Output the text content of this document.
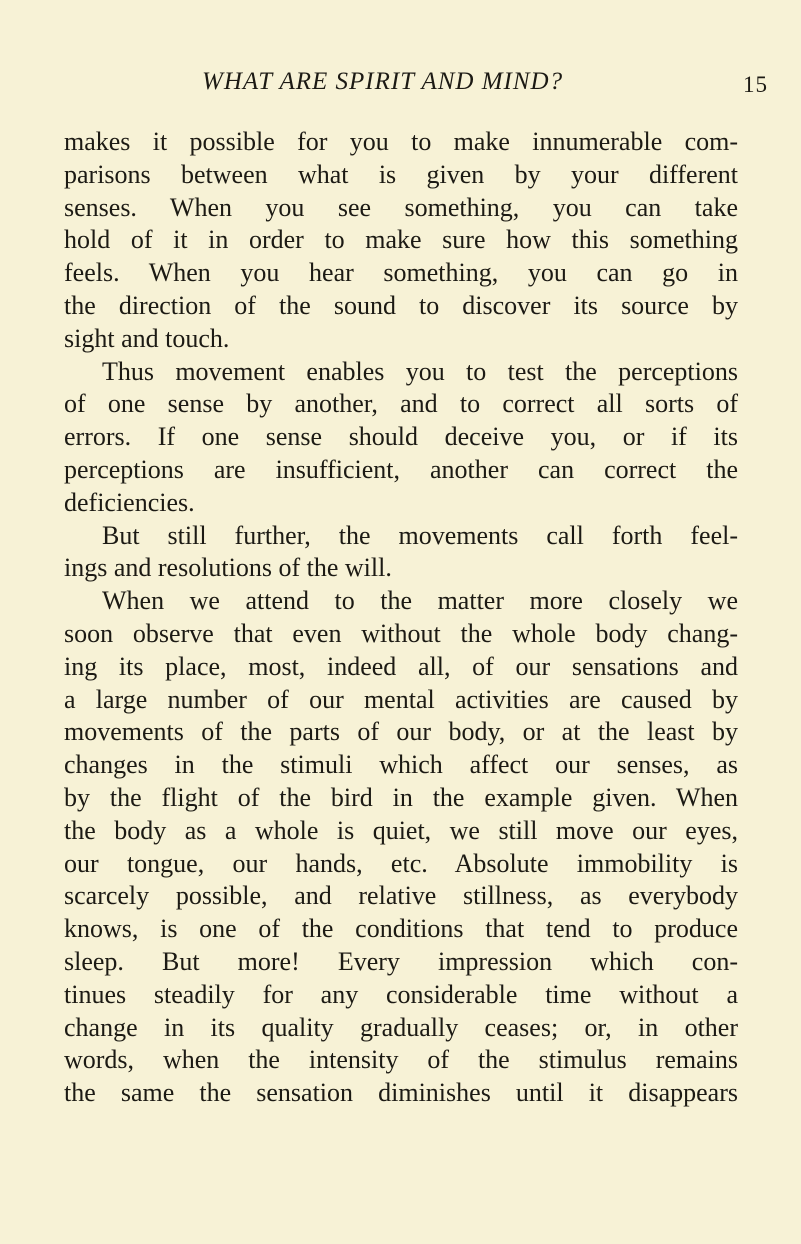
WHAT ARE SPIRIT AND MIND?	15
makes it possible for you to make innumerable com-
parisons between what is given by your different
senses. When you see something, you can take
hold of it in order to make sure how this something
feels. When you hear something, you can go in
the direction of the sound to discover its source by
sight and touch.
Thus movement enables you to test the perceptions
of one sense by another, and to correct all sorts of
errors. If one sense should deceive you, or if its
perceptions are insufficient, another can correct the
deficiencies.
But still further, the movements call forth feel-
ings and resolutions of the will.
When we attend to the matter more closely we
soon observe that even without the whole body chang-
ing its place, most, indeed all, of our sensations and
a large number of our mental activities are caused by
movements of the parts of our body, or at the least by
changes in the stimuli which affect our senses, as
by the flight of the bird in the example given. When
the body as a whole is quiet, we still move our eyes,
our tongue, our hands, etc. Absolute immobility is
scarcely possible, and relative stillness, as everybody
knows, is one of the conditions that tend to produce
sleep. But more! Every impression which con-
tinues steadily for any considerable time without a
change in its quality gradually ceases; or, in other
words, when the intensity of the stimulus remains
the same the sensation diminishes until it disappears
